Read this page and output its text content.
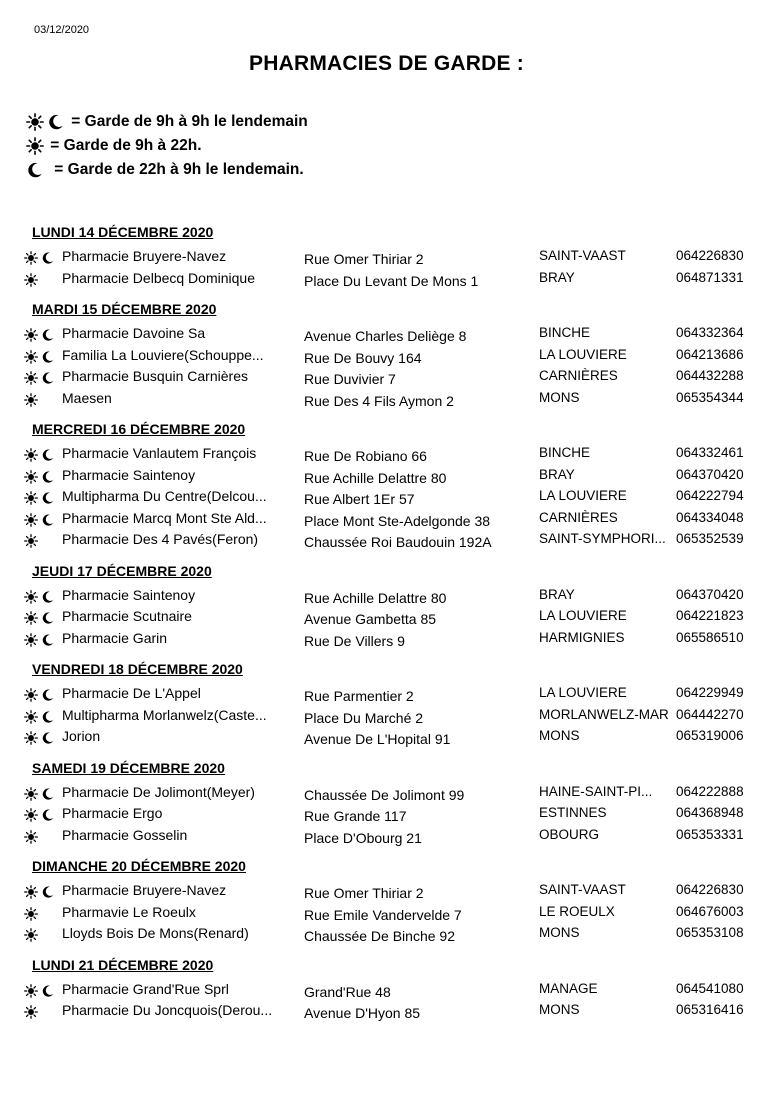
03/12/2020
PHARMACIES DE GARDE :
= Garde de 9h à 9h le lendemain
= Garde de 9h à 22h.
= Garde de 22h à 9h le lendemain.
LUNDI 14 DÉCEMBRE 2020
Pharmacie Bruyere-Navez	Rue Omer Thiriar 2	SAINT-VAAST	064226830
Pharmacie Delbecq Dominique	Place Du Levant De Mons 1	BRAY	064871331
MARDI 15 DÉCEMBRE 2020
Pharmacie Davoine Sa	Avenue Charles Deliège 8	BINCHE	064332364
Familia La Louviere(Schouppe...	Rue De Bouvy 164	LA LOUVIERE	064213686
Pharmacie Busquin Carnières	Rue Duvivier 7	CARNIÈRES	064432288
Maesen	Rue Des 4 Fils Aymon 2	MONS	065354344
MERCREDI 16 DÉCEMBRE 2020
Pharmacie Vanlautem François	Rue De Robiano 66	BINCHE	064332461
Pharmacie Saintenoy	Rue Achille Delattre 80	BRAY	064370420
Multipharma Du Centre(Delcou...	Rue Albert 1Er 57	LA LOUVIERE	064222794
Pharmacie Marcq Mont Ste Ald...	Place Mont Ste-Adelgonde 38	CARNIÈRES	064334048
Pharmacie Des 4 Pavés(Feron)	Chaussée Roi Baudouin 192A	SAINT-SYMPHORI... 065352539
JEUDI 17 DÉCEMBRE 2020
Pharmacie Saintenoy	Rue Achille Delattre 80	BRAY	064370420
Pharmacie Scutnaire	Avenue Gambetta 85	LA LOUVIERE	064221823
Pharmacie Garin	Rue De Villers 9	HARMIGNIES	065586510
VENDREDI 18 DÉCEMBRE 2020
Pharmacie De L'Appel	Rue Parmentier 2	LA LOUVIERE	064229949
Multipharma Morlanwelz(Caste...	Place Du Marché 2	MORLANWELZ-MAR 064442270
Jorion	Avenue De L'Hopital 91	MONS	065319006
SAMEDI 19 DÉCEMBRE 2020
Pharmacie De Jolimont(Meyer)	Chaussée De Jolimont 99	HAINE-SAINT-PI...	064222888
Pharmacie Ergo	Rue Grande 117	ESTINNES	064368948
Pharmacie Gosselin	Place D'Obourg 21	OBOURG	065353331
DIMANCHE 20 DÉCEMBRE 2020
Pharmacie Bruyere-Navez	Rue Omer Thiriar 2	SAINT-VAAST	064226830
Pharmavie Le Roeulx	Rue Emile Vandervelde 7	LE ROEULX	064676003
Lloyds Bois De Mons(Renard)	Chaussée De Binche 92	MONS	065353108
LUNDI 21 DÉCEMBRE 2020
Pharmacie Grand'Rue Sprl	Grand'Rue 48	MANAGE	064541080
Pharmacie Du Joncquois(Derou...	Avenue D'Hyon 85	MONS	065316416
